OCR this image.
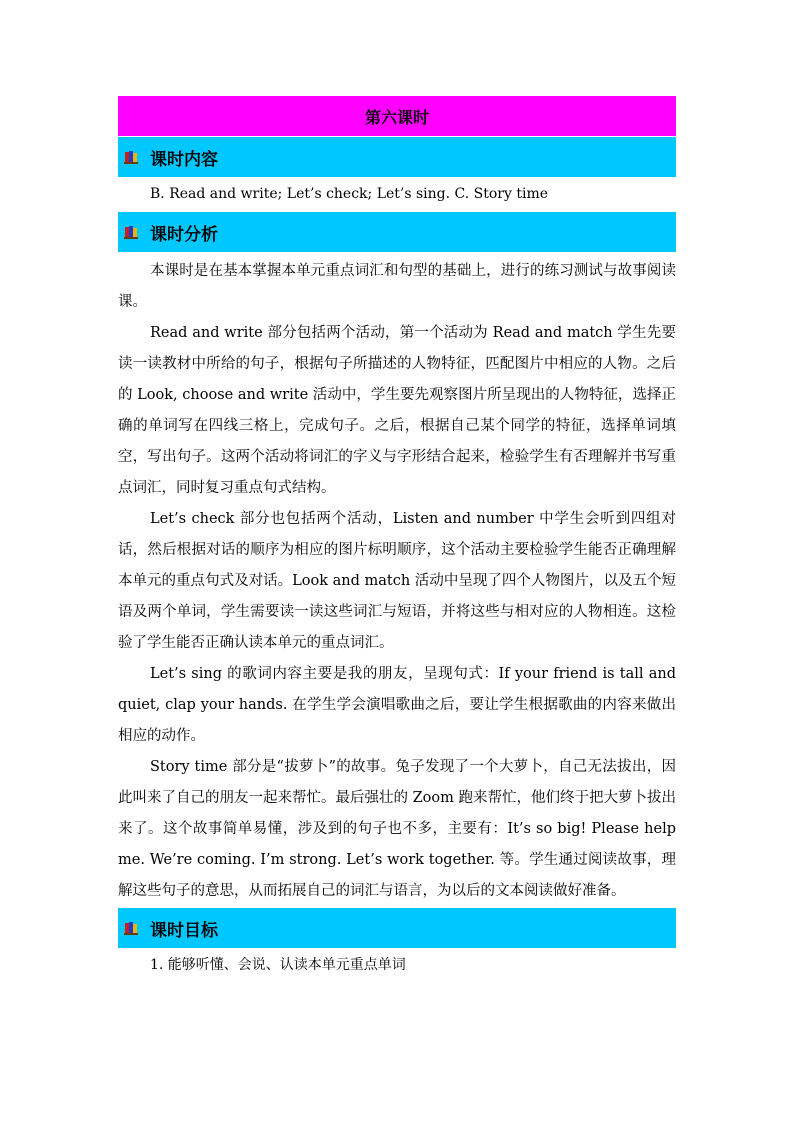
第六课时
课时内容

B. Read and write; Let’s check; Let’s sing. C. Story time

课时分析

本课时是在基本掌握本单元重点词汇和句型的基础上，进行的练习测试与故事阅读课。

Read and write 部分包括两个活动，第一个活动为 Read and match 学生先要读一读教材中所给的句子，根据句子所描述的人物特征，匹配图片中相应的人物。之后的 Look, choose and write 活动中，学生要先观察图片所呈现出的人物特征，选择正确的单词写在四线三格上，完成句子。之后，根据自己某个同学的特征，选择单词填空，写出句子。这两个活动将词汇的字义与字形结合起来，检验学生有否理解并书写重点词汇，同时复习重点句式结构。

Let’s check 部分也包括两个活动，Listen and number 中学生会听到四组对话，然后根据对话的顺序为相应的图片标明顺序，这个活动主要检验学生能否正确理解本单元的重点句式及对话。Look and match 活动中呈现了四个人物图片，以及五个短语及两个单词，学生需要读一读这些词汇与短语，并将这些与相对应的人物相连。这检验了学生能否正确认读本单元的重点词汇。

Let’s sing 的歌词内容主要是我的朋友，呈现句式：If your friend is tall and quiet, clap your hands. 在学生学会演唱歌曲之后，要让学生根据歌曲的内容来做出相应的动作。

Story time 部分是“拔萝卜”的故事。兔子发现了一个大萝卜，自己无法拔出，因此叫来了自己的朋友一起来帮忙。最后强壮的 Zoom 跑来帮忙，他们终于把大萝卜拔出来了。这个故事简单易懂，涉及到的句子也不多，主要有：It’s so big! Please help me. We’re coming. I’m strong. Let’s work together. 等。学生通过阅读故事，理解这些句子的意思，从而拓展自己的词汇与语言，为以后的文本阅读做好准备。

课时目标

1. 能够听懂、会说、认读本单元重点单词
